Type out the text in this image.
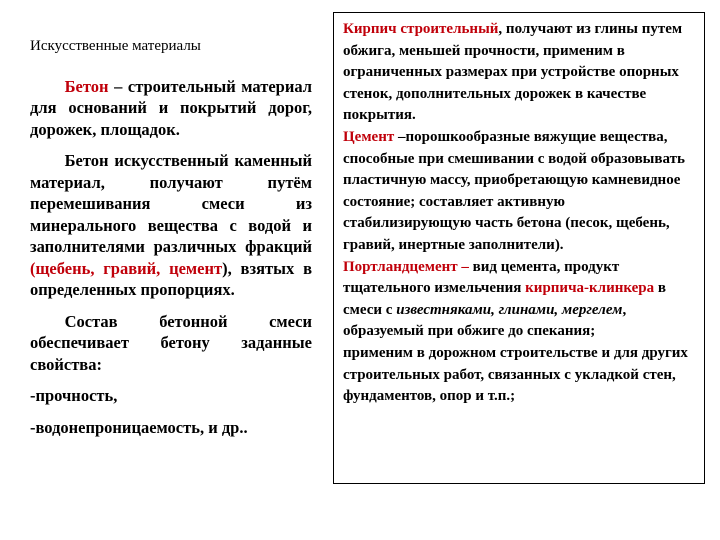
Искусственные материалы

Бетон – строительный материал для оснований и покрытий дорог, дорожек, площадок.

Бетон искусственный каменный материал, получают путём перемешивания смеси из минерального вещества с водой и заполнителями различных фракций (щебень, гравий, цемент), взятых в определенных пропорциях.

Состав бетонной смеси обеспечивает бетону заданные свойства:

-прочность,

-водонепроницаемость, и др..

Кирпич строительный, получают из глины путем обжига, меньшей прочности, применим в ограниченных размерах при устройстве опорных стенок, дополнительных дорожек в качестве покрытия.

Цемент –порошкообразные вяжущие вещества, способные при смешивании с водой образовывать пластичную массу, приобретающую камневидное состояние; составляет активную стабилизирующую часть бетона (песок, щебень, гравий, инертные заполнители).

Портландцемент – вид цемента, продукт тщательного измельчения кирпича-клинкера в смеси с известняками, глинами, мергелем, образуемый при обжиге до спекания;

применим в дорожном строительстве и для других строительных работ, связанных с укладкой стен, фундаментов, опор и т.п.;
